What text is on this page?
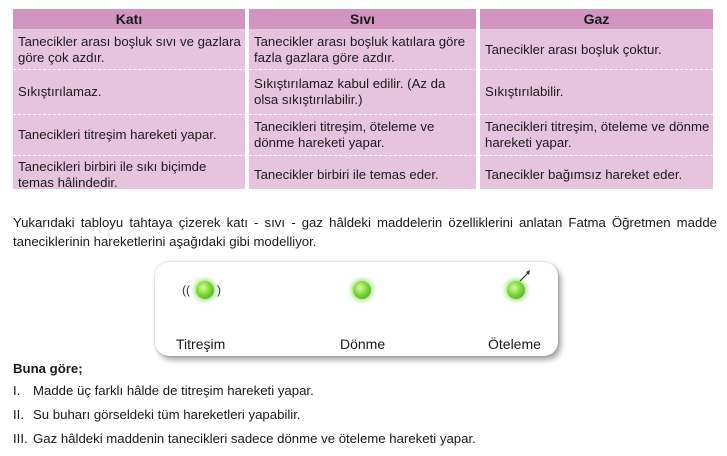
Katı
Tanecikler arası boşluk sıvı ve gazlara göre çok azdır.
Sıkıştırılamaz.
Tanecikleri titreşim hareketi yapar.
Tanecikleri birbiri ile sıkı biçimde temas hâlindedir.
Sıvı
Tanecikler arası boşluk katılara göre fazla gazlara göre azdır.
Sıkıştırılamaz kabul edilir. (Az da olsa sıkıştırılabilir.)
Tanecikleri titreşim, öteleme ve dönme hareketi yapar.
Tanecikler birbiri ile temas eder.
Gaz
Tanecikler arası boşluk çoktur.
Sıkıştırılabilir.
Tanecikleri titreşim, öteleme ve dönme hareketi yapar.
Tanecikler bağımsız hareket eder.
Yukarıdaki tabloyu tahtaya çizerek katı - sıvı - gaz hâldeki maddelerin özelliklerini anlatan Fatma Öğretmen madde taneciklerinin hareketlerini aşağıdaki gibi modelliyor.
(( )
Titreşim	Dönme	Öteleme
Buna göre;
I. Madde üç farklı hâlde de titreşim hareketi yapar.
II. Su buharı görseldeki tüm hareketleri yapabilir.
III. Gaz hâldeki maddenin tanecikleri sadece dönme ve öteleme hareketi yapar.
